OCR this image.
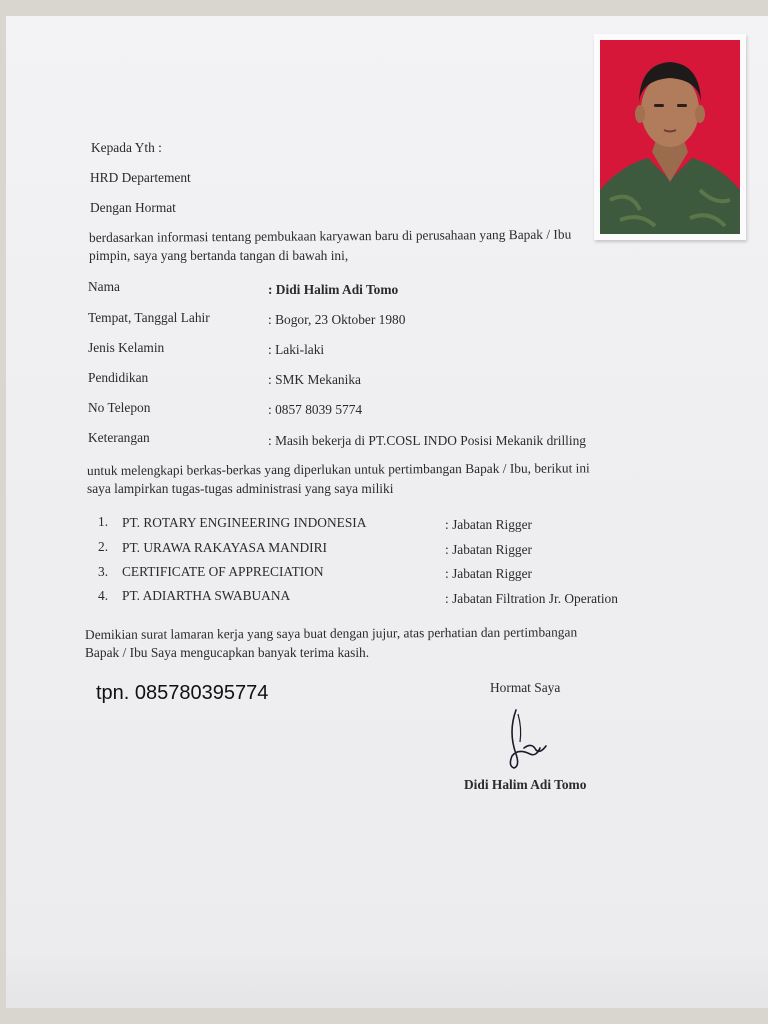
Kepada Yth :
HRD Departement
Dengan Hormat
berdasarkan informasi tentang pembukaan karyawan baru di perusahaan yang Bapak / Ibu
pimpin, saya yang bertanda tangan di bawah ini,
Nama	: Didi Halim Adi Tomo
Tempat, Tanggal Lahir	: Bogor, 23 Oktober 1980
Jenis Kelamin	: Laki-laki
Pendidikan	: SMK Mekanika
No Telepon	: 0857 8039 5774
Keterangan	: Masih bekerja di PT.COSL INDO Posisi Mekanik drilling
untuk melengkapi berkas-berkas yang diperlukan untuk pertimbangan Bapak / Ibu, berikut ini
saya lampirkan tugas-tugas administrasi yang saya miliki
1. PT. ROTARY ENGINEERING INDONESIA	: Jabatan Rigger
2. PT. URAWA RAKAYASA MANDIRI	: Jabatan Rigger
3. CERTIFICATE OF APPRECIATION	: Jabatan Rigger
4. PT. ADIARTHA SWABUANA	: Jabatan Filtration Jr. Operation
Demikian surat lamaran kerja yang saya buat dengan jujur, atas perhatian dan pertimbangan
Bapak / Ibu Saya mengucapkan banyak terima kasih.
tpn. 085780395774	Hormat Saya
Didi Halim Adi Tomo
